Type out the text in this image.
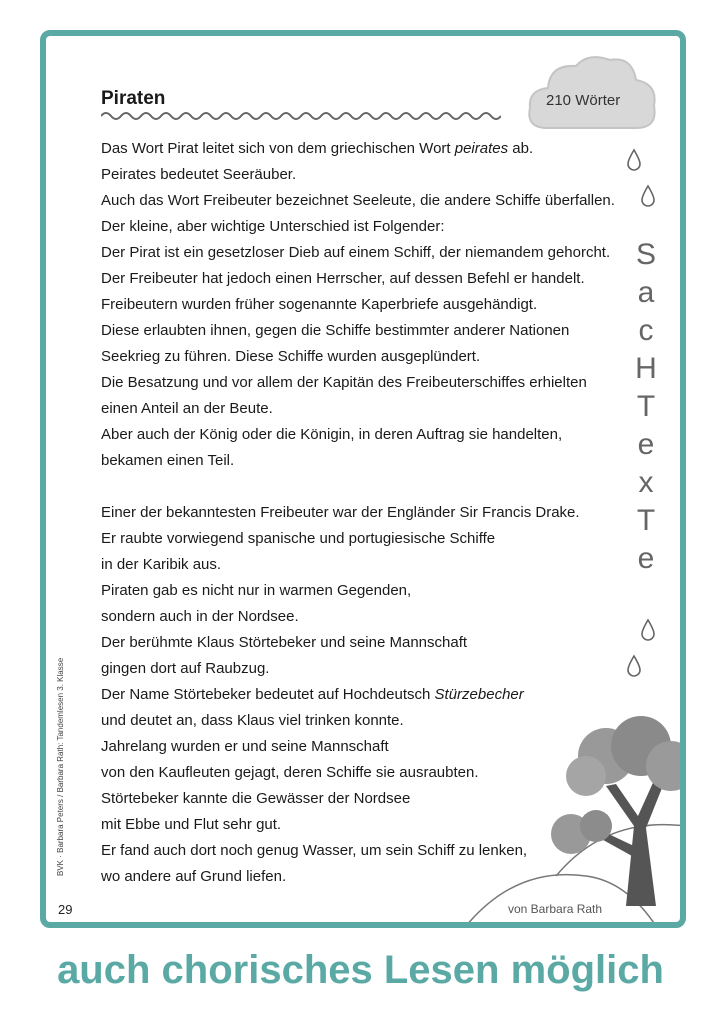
210 Wörter
Piraten
Das Wort Pirat leitet sich von dem griechischen Wort peirates ab.
Peirates bedeutet Seeräuber.
Auch das Wort Freibeuter bezeichnet Seeleute, die andere Schiffe überfallen.
Der kleine, aber wichtige Unterschied ist Folgender:
Der Pirat ist ein gesetzloser Dieb auf einem Schiff, der niemandem gehorcht.
Der Freibeuter hat jedoch einen Herrscher, auf dessen Befehl er handelt.
Freibeutern wurden früher sogenannte Kaperbriefe ausgehändigt.
Diese erlaubten ihnen, gegen die Schiffe bestimmter anderer Nationen
Seekrieg zu führen. Diese Schiffe wurden ausgeplündert.
Die Besatzung und vor allem der Kapitän des Freibeuterschiffes erhielten
einen Anteil an der Beute.
Aber auch der König oder die Königin, in deren Auftrag sie handelten,
bekamen einen Teil.
Einer der bekanntesten Freibeuter war der Engländer Sir Francis Drake.
Er raubte vorwiegend spanische und portugiesische Schiffe
in der Karibik aus.
Piraten gab es nicht nur in warmen Gegenden,
sondern auch in der Nordsee.
Der berühmte Klaus Störtebeker und seine Mannschaft
gingen dort auf Raubzug.
Der Name Störtebeker bedeutet auf Hochdeutsch Stürzebecher
und deutet an, dass Klaus viel trinken konnte.
Jahrelang wurden er und seine Mannschaft
von den Kaufleuten gejagt, deren Schiffe sie ausraubten.
Störtebeker kannte die Gewässer der Nordsee
mit Ebbe und Flut sehr gut.
Er fand auch dort noch genug Wasser, um sein Schiff zu lenken,
wo andere auf Grund liefen.
S
a
c
H
T
e
x
T
e
BVK · Barbara Peters / Barbara Rath: Tandemlesen 3. Klasse
29	von Barbara Rath
auch chorisches Lesen möglich
